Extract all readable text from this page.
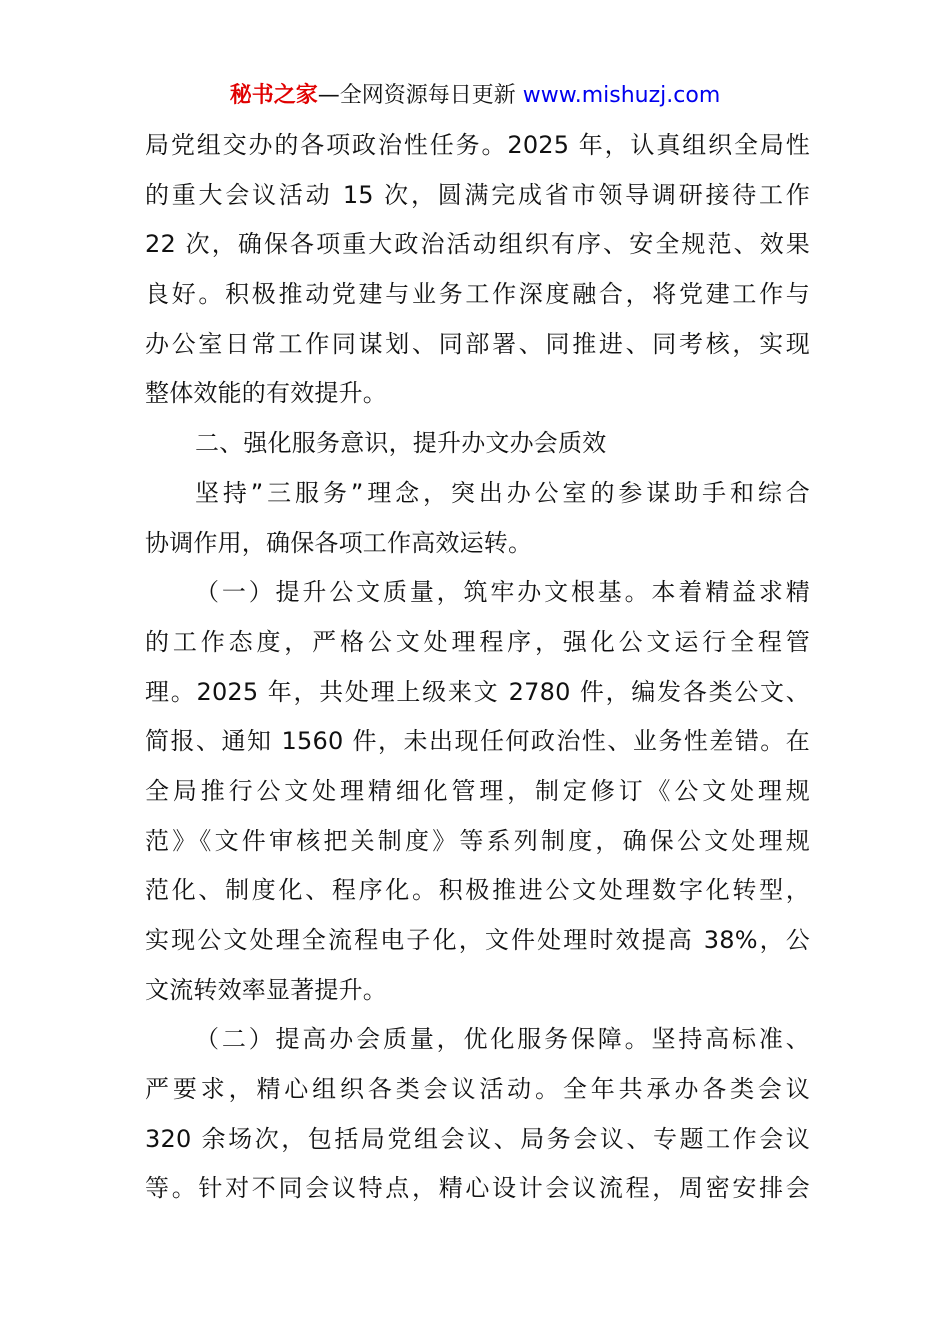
秘书之家—全网资源每日更新 www.mishuzj.com
局党组交办的各项政治性任务。2025 年，认真组织全局性
的重大会议活动 15 次，圆满完成省市领导调研接待工作
22 次，确保各项重大政治活动组织有序、安全规范、效果
良好。积极推动党建与业务工作深度融合，将党建工作与
办公室日常工作同谋划、同部署、同推进、同考核，实现
整体效能的有效提升。
二、强化服务意识，提升办文办会质效
坚持”三服务”理念，突出办公室的参谋助手和综合
协调作用，确保各项工作高效运转。
（一）提升公文质量，筑牢办文根基。本着精益求精
的工作态度，严格公文处理程序，强化公文运行全程管
理。2025 年，共处理上级来文 2780 件，编发各类公文、
简报、通知 1560 件，未出现任何政治性、业务性差错。在
全局推行公文处理精细化管理，制定修订《公文处理规
范》《文件审核把关制度》等系列制度，确保公文处理规
范化、制度化、程序化。积极推进公文处理数字化转型，
实现公文处理全流程电子化，文件处理时效提高 38%，公
文流转效率显著提升。
（二）提高办会质量，优化服务保障。坚持高标准、
严要求，精心组织各类会议活动。全年共承办各类会议
320 余场次，包括局党组会议、局务会议、专题工作会议
等。针对不同会议特点，精心设计会议流程，周密安排会
